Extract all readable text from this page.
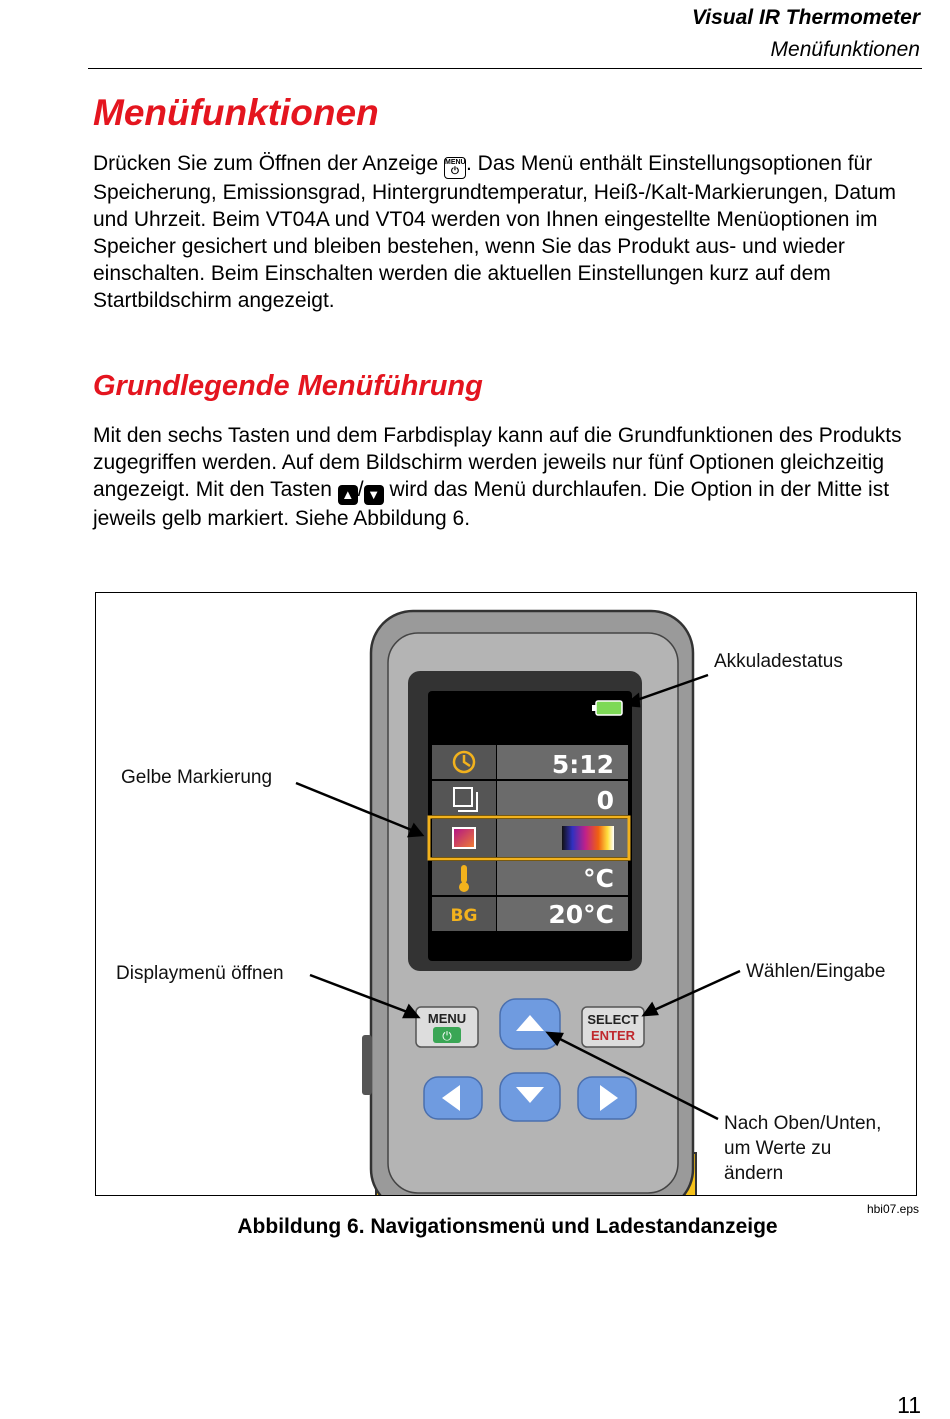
Visual IR Thermometer
Menüfunktionen
Menüfunktionen
Drücken Sie zum Öffnen der Anzeige MENU
⏻ . Das Menü enthält Einstellungsoptionen für Speicherung, Emissionsgrad, Hintergrundtemperatur, Heiß-/Kalt-Markierungen, Datum und Uhrzeit. Beim VT04A und VT04 werden von Ihnen eingestellte Menüoptionen im Speicher gesichert und bleiben bestehen, wenn Sie das Produkt aus- und wieder einschalten. Beim Einschalten werden die aktuellen Einstellungen kurz auf dem Startbildschirm angezeigt.
Grundlegende Menüführung
Mit den sechs Tasten und dem Farbdisplay kann auf die Grundfunktionen des Produkts zugegriffen werden. Auf dem Bildschirm werden jeweils nur fünf Optionen gleichzeitig angezeigt. Mit den Tasten ▲ / ▼ wird das Menü durchlaufen. Die Option in der Mitte ist jeweils gelb markiert. Siehe Abbildung 6.
5:12
0
°C
BG	20°C
MENU
⏻
SELECT
ENTER
Akkuladestatus
Gelbe Markierung
Displaymenü öffnen	Wählen/Eingabe
Nach Oben/Unten,
um Werte zu
ändern
hbi07.eps
Abbildung 6. Navigationsmenü und Ladestandanzeige
11
